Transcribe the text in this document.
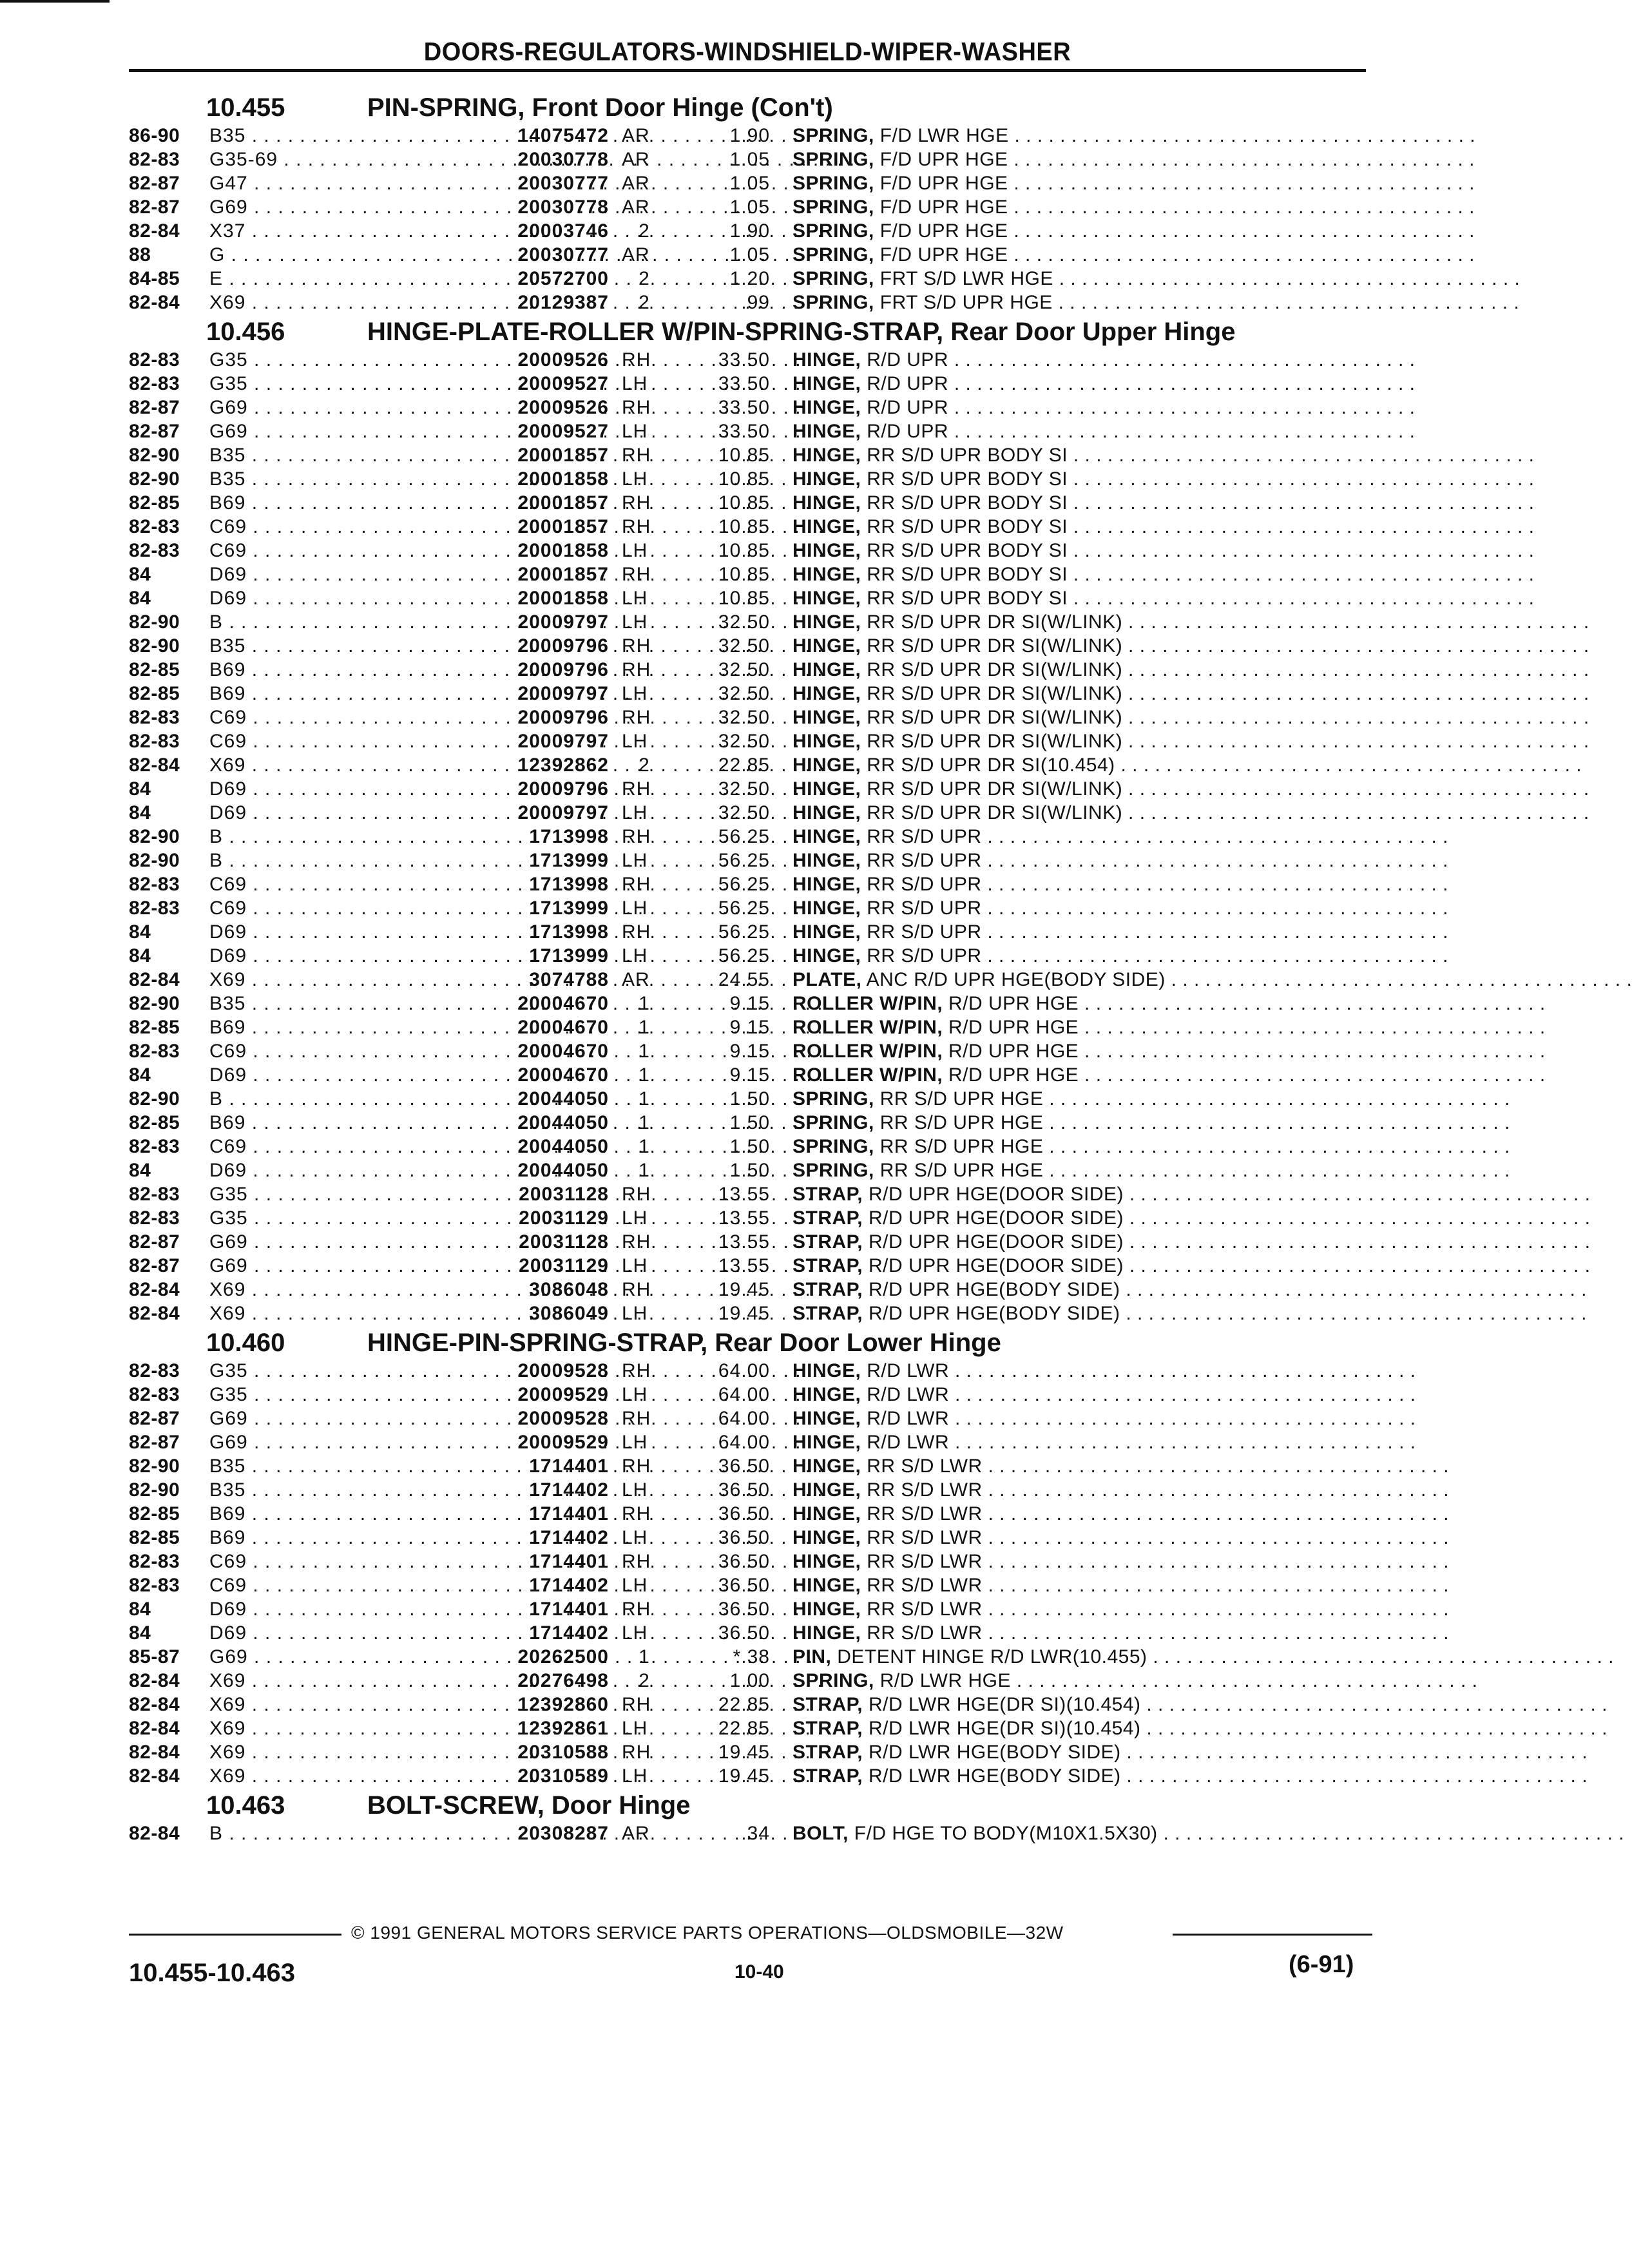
DOORS-REGULATORS-WINDSHIELD-WIPER-WASHER
10.455	PIN-SPRING, Front Door Hinge (Con't)
86-90	B35 . . .	14075472 AR	1.90	SPRING, F/D LWR HGE . . . . . . . . . . . . . . . . . . . . . . . . . . . . . . . . . . . . . . . . .
82-83	G35-69 . . .	20030778 AR	1.05	SPRING, F/D UPR HGE . . . . . . . . . . . . . . . . . . . . . . . . . . . . . . . . . . . . . . . . .
82-87	G47 . . .	20030777 AR	1.05	SPRING, F/D UPR HGE . . . . . . . . . . . . . . . . . . . . . . . . . . . . . . . . . . . . . . . . .
82-87	G69 . . .	20030778 AR	1.05	SPRING, F/D UPR HGE . . . . . . . . . . . . . . . . . . . . . . . . . . . . . . . . . . . . . . . . .
82-84	X37 . . .	20003746	2	1.90	SPRING, F/D UPR HGE . . . . . . . . . . . . . . . . . . . . . . . . . . . . . . . . . . . . . . . . .
88	G . . .	20030777 AR	1.05	SPRING, F/D UPR HGE . . . . . . . . . . . . . . . . . . . . . . . . . . . . . . . . . . . . . . . . .
84-85	E . . .	20572700	2	1.20	SPRING, FRT S/D LWR HGE . . . . . . . . . . . . . . . . . . . . . . . . . . . . . . . . . . . . . . . . .
82-84	X69 . . .	20129387	2	.99	SPRING, FRT S/D UPR HGE . . . . . . . . . . . . . . . . . . . . . . . . . . . . . . . . . . . . . . . . .
10.456	HINGE-PLATE-ROLLER W/PIN-SPRING-STRAP, Rear Door Upper Hinge
82-83	G35 . . .	20009526 RH	33.50	HINGE, R/D UPR . . . . . . . . . . . . . . . . . . . . . . . . . . . . . . . . . . . . . . . . .
82-83	G35 . . .	20009527 LH	33.50	HINGE, R/D UPR . . . . . . . . . . . . . . . . . . . . . . . . . . . . . . . . . . . . . . . . .
82-87	G69 . . .	20009526 RH	33.50	HINGE, R/D UPR . . . . . . . . . . . . . . . . . . . . . . . . . . . . . . . . . . . . . . . . .
82-87	G69 . . .	20009527 LH	33.50	HINGE, R/D UPR . . . . . . . . . . . . . . . . . . . . . . . . . . . . . . . . . . . . . . . . .
82-90	B35 . . .	20001857 RH	10.85	HINGE, RR S/D UPR BODY SI . . . . . . . . . . . . . . . . . . . . . . . . . . . . . . . . . . . . . . . . .
82-90	B35 . . .	20001858 LH	10.85	HINGE, RR S/D UPR BODY SI . . . . . . . . . . . . . . . . . . . . . . . . . . . . . . . . . . . . . . . . .
82-85	B69 . . .	20001857 RH	10.85	HINGE, RR S/D UPR BODY SI . . . . . . . . . . . . . . . . . . . . . . . . . . . . . . . . . . . . . . . . .
82-83	C69 . . .	20001857 RH	10.85	HINGE, RR S/D UPR BODY SI . . . . . . . . . . . . . . . . . . . . . . . . . . . . . . . . . . . . . . . . .
82-83	C69 . . .	20001858 LH	10.85	HINGE, RR S/D UPR BODY SI . . . . . . . . . . . . . . . . . . . . . . . . . . . . . . . . . . . . . . . . .
84	D69 . . .	20001857 RH	10.85	HINGE, RR S/D UPR BODY SI . . . . . . . . . . . . . . . . . . . . . . . . . . . . . . . . . . . . . . . . .
84	D69 . . .	20001858 LH	10.85	HINGE, RR S/D UPR BODY SI . . . . . . . . . . . . . . . . . . . . . . . . . . . . . . . . . . . . . . . . .
82-90	B . . .	20009797 LH	32.50	HINGE, RR S/D UPR DR SI(W/LINK) . . . . . . . . . . . . . . . . . . . . . . . . . . . . . . . . . . . . . . . . .
82-90	B35 . . .	20009796 RH	32.50	HINGE, RR S/D UPR DR SI(W/LINK) . . . . . . . . . . . . . . . . . . . . . . . . . . . . . . . . . . . . . . . . .
82-85	B69 . . .	20009796 RH	32.50	HINGE, RR S/D UPR DR SI(W/LINK) . . . . . . . . . . . . . . . . . . . . . . . . . . . . . . . . . . . . . . . . .
82-85	B69 . . .	20009797 LH	32.50	HINGE, RR S/D UPR DR SI(W/LINK) . . . . . . . . . . . . . . . . . . . . . . . . . . . . . . . . . . . . . . . . .
82-83	C69 . . .	20009796 RH	32.50	HINGE, RR S/D UPR DR SI(W/LINK) . . . . . . . . . . . . . . . . . . . . . . . . . . . . . . . . . . . . . . . . .
82-83	C69 . . .	20009797 LH	32.50	HINGE, RR S/D UPR DR SI(W/LINK) . . . . . . . . . . . . . . . . . . . . . . . . . . . . . . . . . . . . . . . . .
82-84	X69 . . .	12392862	2	22.85	HINGE, RR S/D UPR DR SI(10.454) . . . . . . . . . . . . . . . . . . . . . . . . . . . . . . . . . . . . . . . . .
84	D69 . . .	20009796 RH	32.50	HINGE, RR S/D UPR DR SI(W/LINK) . . . . . . . . . . . . . . . . . . . . . . . . . . . . . . . . . . . . . . . . .
84	D69 . . .	20009797 LH	32.50	HINGE, RR S/D UPR DR SI(W/LINK) . . . . . . . . . . . . . . . . . . . . . . . . . . . . . . . . . . . . . . . . .
82-90	B . . .	1713998 RH	56.25	HINGE, RR S/D UPR . . . . . . . . . . . . . . . . . . . . . . . . . . . . . . . . . . . . . . . . .
82-90	B . . .	1713999 LH	56.25	HINGE, RR S/D UPR . . . . . . . . . . . . . . . . . . . . . . . . . . . . . . . . . . . . . . . . .
82-83	C69 . . .	1713998 RH	56.25	HINGE, RR S/D UPR . . . . . . . . . . . . . . . . . . . . . . . . . . . . . . . . . . . . . . . . .
82-83	C69 . . .	1713999 LH	56.25	HINGE, RR S/D UPR . . . . . . . . . . . . . . . . . . . . . . . . . . . . . . . . . . . . . . . . .
84	D69 . . .	1713998 RH	56.25	HINGE, RR S/D UPR . . . . . . . . . . . . . . . . . . . . . . . . . . . . . . . . . . . . . . . . .
84	D69 . . .	1713999 LH	56.25	HINGE, RR S/D UPR . . . . . . . . . . . . . . . . . . . . . . . . . . . . . . . . . . . . . . . . .
82-84	X69 . . .	3074788 AR	24.55	PLATE, ANC R/D UPR HGE(BODY SIDE) . . . . . . . . . . . . . . . . . . . . . . . . . . . . . . . . . . . . . . . . .
82-90	B35 . . .	20004670	1	9.15	ROLLER W/PIN, R/D UPR HGE . . . . . . . . . . . . . . . . . . . . . . . . . . . . . . . . . . . . . . . . .
82-85	B69 . . .	20004670	1	9.15	ROLLER W/PIN, R/D UPR HGE . . . . . . . . . . . . . . . . . . . . . . . . . . . . . . . . . . . . . . . . .
82-83	C69 . . .	20004670	1	9.15	ROLLER W/PIN, R/D UPR HGE . . . . . . . . . . . . . . . . . . . . . . . . . . . . . . . . . . . . . . . . .
84	D69 . . .	20004670	1	9.15	ROLLER W/PIN, R/D UPR HGE . . . . . . . . . . . . . . . . . . . . . . . . . . . . . . . . . . . . . . . . .
82-90	B . . .	20044050	1	1.50	SPRING, RR S/D UPR HGE . . . . . . . . . . . . . . . . . . . . . . . . . . . . . . . . . . . . . . . . .
82-85	B69 . . .	20044050	1	1.50	SPRING, RR S/D UPR HGE . . . . . . . . . . . . . . . . . . . . . . . . . . . . . . . . . . . . . . . . .
82-83	C69 . . .	20044050	1	1.50	SPRING, RR S/D UPR HGE . . . . . . . . . . . . . . . . . . . . . . . . . . . . . . . . . . . . . . . . .
84	D69 . . .	20044050	1	1.50	SPRING, RR S/D UPR HGE . . . . . . . . . . . . . . . . . . . . . . . . . . . . . . . . . . . . . . . . .
82-83	G35 . . .	20031128 RH	13.55	STRAP, R/D UPR HGE(DOOR SIDE) . . . . . . . . . . . . . . . . . . . . . . . . . . . . . . . . . . . . . . . . .
82-83	G35 . . .	20031129 LH	13.55	STRAP, R/D UPR HGE(DOOR SIDE) . . . . . . . . . . . . . . . . . . . . . . . . . . . . . . . . . . . . . . . . .
82-87	G69 . . .	20031128 RH	13.55	STRAP, R/D UPR HGE(DOOR SIDE) . . . . . . . . . . . . . . . . . . . . . . . . . . . . . . . . . . . . . . . . .
82-87	G69 . . .	20031129 LH	13.55	STRAP, R/D UPR HGE(DOOR SIDE) . . . . . . . . . . . . . . . . . . . . . . . . . . . . . . . . . . . . . . . . .
82-84	X69 . . .	3086048 RH	19.45	STRAP, R/D UPR HGE(BODY SIDE) . . . . . . . . . . . . . . . . . . . . . . . . . . . . . . . . . . . . . . . . .
82-84	X69 . . .	3086049 LH	19.45	STRAP, R/D UPR HGE(BODY SIDE) . . . . . . . . . . . . . . . . . . . . . . . . . . . . . . . . . . . . . . . . .
10.460	HINGE-PIN-SPRING-STRAP, Rear Door Lower Hinge
82-83	G35 . . .	20009528 RH	64.00	HINGE, R/D LWR . . . . . . . . . . . . . . . . . . . . . . . . . . . . . . . . . . . . . . . . .
82-83	G35 . . .	20009529 LH	64.00	HINGE, R/D LWR . . . . . . . . . . . . . . . . . . . . . . . . . . . . . . . . . . . . . . . . .
82-87	G69 . . .	20009528 RH	64.00	HINGE, R/D LWR . . . . . . . . . . . . . . . . . . . . . . . . . . . . . . . . . . . . . . . . .
82-87	G69 . . .	20009529 LH	64.00	HINGE, R/D LWR . . . . . . . . . . . . . . . . . . . . . . . . . . . . . . . . . . . . . . . . .
82-90	B35 . . .	1714401 RH	36.50	HINGE, RR S/D LWR . . . . . . . . . . . . . . . . . . . . . . . . . . . . . . . . . . . . . . . . .
82-90	B35 . . .	1714402 LH	36.50	HINGE, RR S/D LWR . . . . . . . . . . . . . . . . . . . . . . . . . . . . . . . . . . . . . . . . .
82-85	B69 . . .	1714401 RH	36.50	HINGE, RR S/D LWR . . . . . . . . . . . . . . . . . . . . . . . . . . . . . . . . . . . . . . . . .
82-85	B69 . . .	1714402 LH	36.50	HINGE, RR S/D LWR . . . . . . . . . . . . . . . . . . . . . . . . . . . . . . . . . . . . . . . . .
82-83	C69 . . .	1714401 RH	36.50	HINGE, RR S/D LWR . . . . . . . . . . . . . . . . . . . . . . . . . . . . . . . . . . . . . . . . .
82-83	C69 . . .	1714402 LH	36.50	HINGE, RR S/D LWR . . . . . . . . . . . . . . . . . . . . . . . . . . . . . . . . . . . . . . . . .
84	D69 . . .	1714401 RH	36.50	HINGE, RR S/D LWR . . . . . . . . . . . . . . . . . . . . . . . . . . . . . . . . . . . . . . . . .
84	D69 . . .	1714402 LH	36.50	HINGE, RR S/D LWR . . . . . . . . . . . . . . . . . . . . . . . . . . . . . . . . . . . . . . . . .
85-87	G69 . . .	20262500	1	*.38	PIN, DETENT HINGE R/D LWR(10.455) . . . . . . . . . . . . . . . . . . . . . . . . . . . . . . . . . . . . . . . . .
82-84	X69 . . .	20276498	2	1.00	SPRING, R/D LWR HGE . . . . . . . . . . . . . . . . . . . . . . . . . . . . . . . . . . . . . . . . .
82-84	X69 . . .	12392860 RH	22.85	STRAP, R/D LWR HGE(DR SI)(10.454) . . . . . . . . . . . . . . . . . . . . . . . . . . . . . . . . . . . . . . . . .
82-84	X69 . . .	12392861 LH	22.85	STRAP, R/D LWR HGE(DR SI)(10.454) . . . . . . . . . . . . . . . . . . . . . . . . . . . . . . . . . . . . . . . . .
82-84	X69 . . .	20310588 RH	19.45	STRAP, R/D LWR HGE(BODY SIDE) . . . . . . . . . . . . . . . . . . . . . . . . . . . . . . . . . . . . . . . . .
82-84	X69 . . .	20310589 LH	19.45	STRAP, R/D LWR HGE(BODY SIDE) . . . . . . . . . . . . . . . . . . . . . . . . . . . . . . . . . . . . . . . . .
10.463	BOLT-SCREW, Door Hinge
82-84	B . . .	20308287 AR	.34	BOLT, F/D HGE TO BODY(M10X1.5X30) . . . . . . . . . . . . . . . . . . . . . . . . . . . . . . . . . . . . . . . . .
© 1991 GENERAL MOTORS SERVICE PARTS OPERATIONS—OLDSMOBILE—32W
10.455-10.463	10-40	(6-91)
